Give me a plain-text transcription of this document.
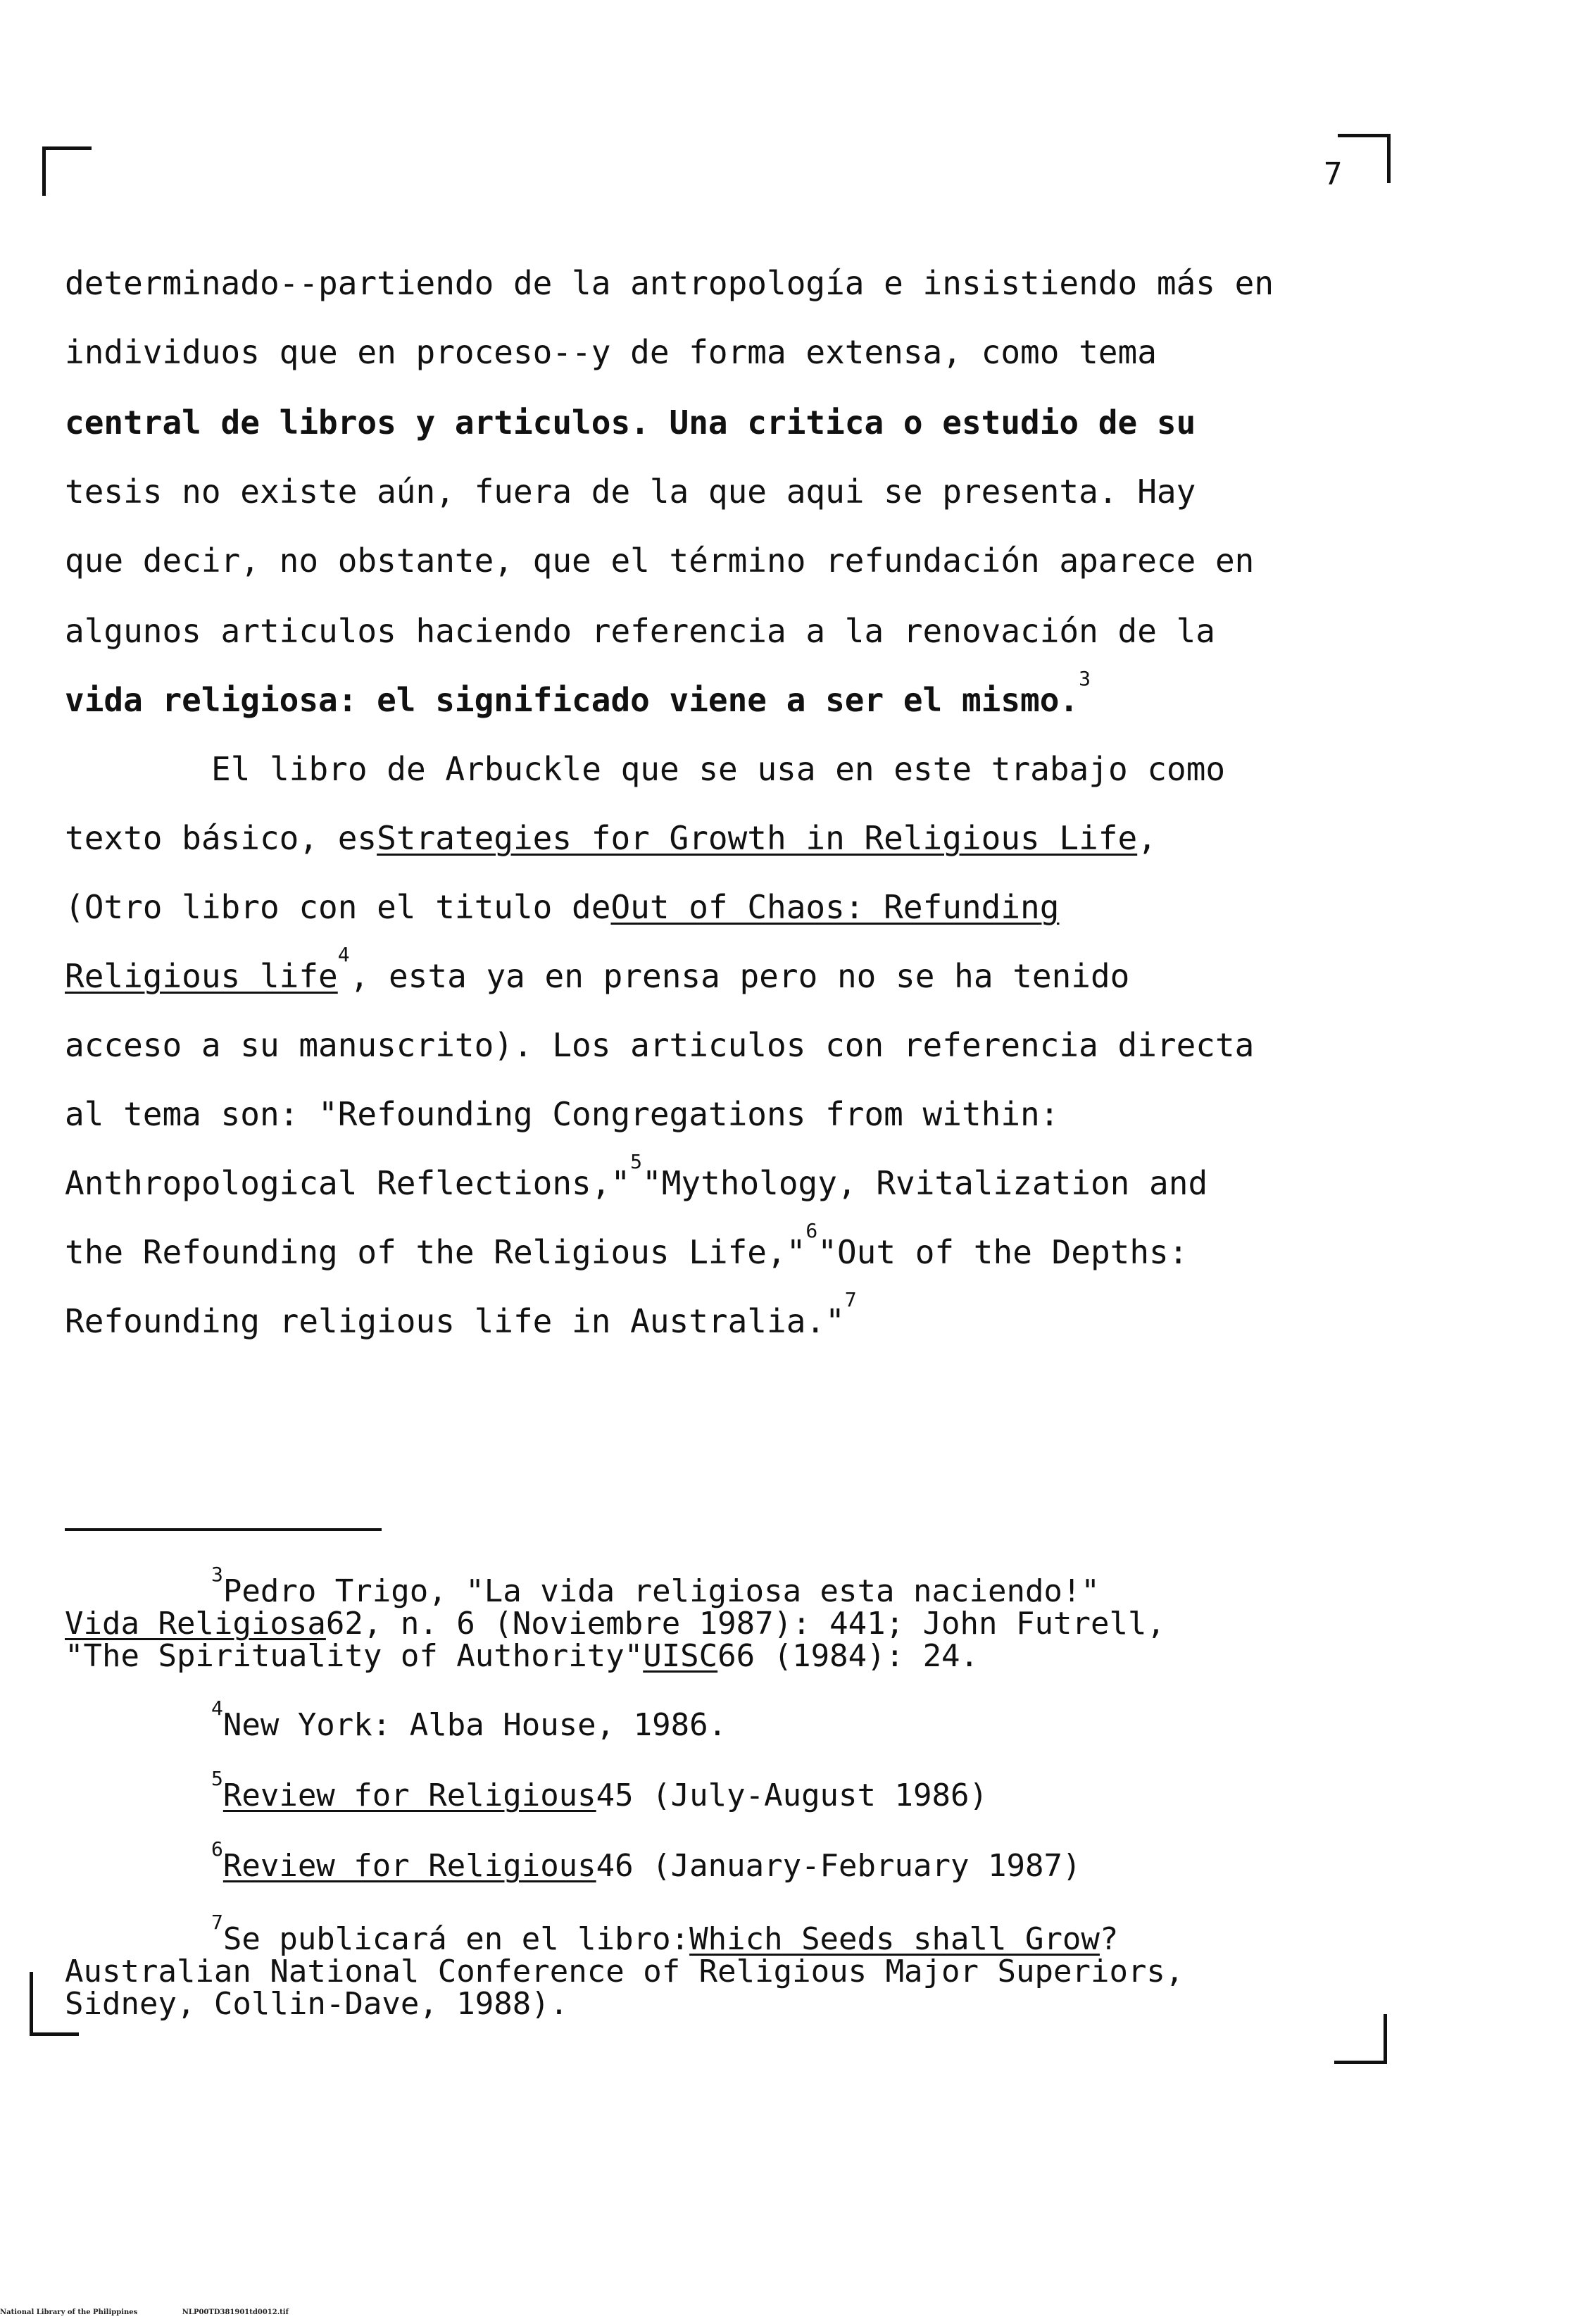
7
determinado--partiendo de la antropología e insistiendo más en
individuos que en proceso--y de forma extensa, como tema
central de libros y articulos. Una critica o estudio de su
tesis no existe aún, fuera de la que aqui se presenta. Hay
que decir, no obstante, que el término refundación aparece en
algunos articulos haciendo referencia a la renovación de la
vida religiosa: el significado viene a ser el mismo.
3
El libro de Arbuckle que se usa en este trabajo como
texto básico, es Strategies for Growth in Religious Life ,
(Otro libro con el titulo de Out of Chaos: Refunding
Religious life
4
, esta ya en prensa pero no se ha tenido
acceso a su manuscrito). Los articulos con referencia directa
al tema son: "Refounding Congregations from within:
Anthropological Reflections,"
5
"Mythology, Rvitalization and
the Refounding of the Religious Life,"
6
"Out of the Depths:
Refounding religious life in Australia."
7
3 Pedro Trigo, "La vida religiosa esta naciendo!"
Vida Religiosa 62, n. 6 (Noviembre 1987): 441; John Futrell,
"The Spirituality of Authority" UISC 66 (1984): 24.
4 New York: Alba House, 1986.
5 Review for Religious 45 (July-August 1986)
6 Review for Religious 46 (January-February 1987)
7 Se publicará en el libro: Which Seeds shall Grow ?
Australian National Conference of Religious Major Superiors,
Sidney, Collin-Dave, 1988).
National Library of the Philippines	NLP00TD381901td0012.tif
